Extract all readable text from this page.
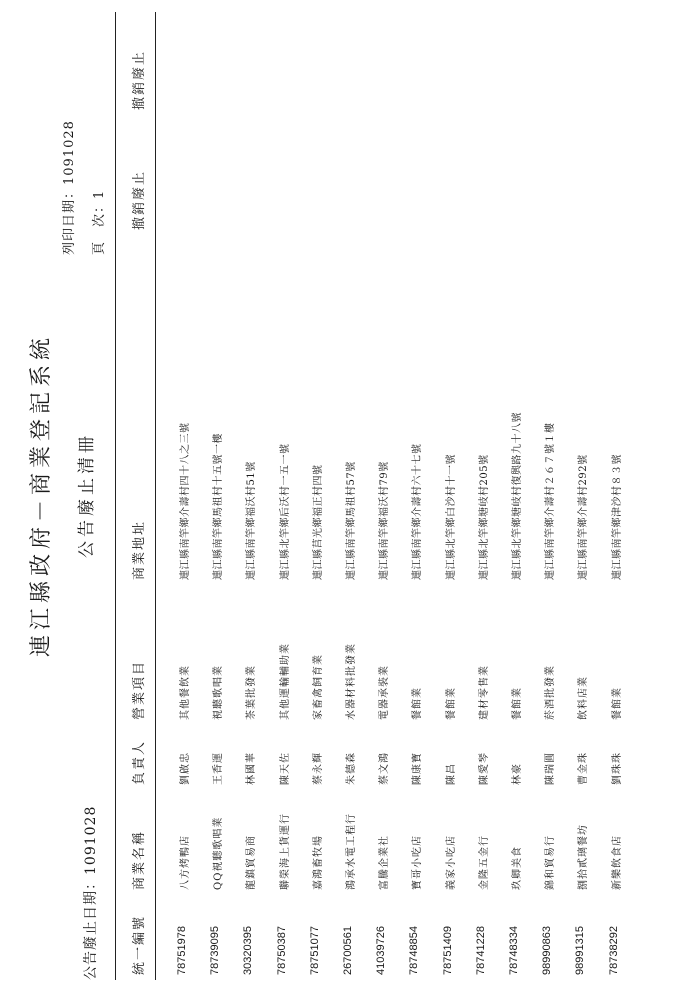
連江縣政府－商業登記系統 公告廢止清冊
列印日期：1091028	頁　次：1
公告廢止日期：1091028	統一編號
商業名稱
負責人
營業項目
商業地址
撤銷廢止
撤銷廢止
78751978
八方烤鴨店
劉啟忠
其他餐飲業
連江縣南竿鄉介壽村四十八之三號
78739095
QQ視聽歌唱業
王香運
視聽歌唱業
連江縣南竿鄉馬祖村十五號一樓
30320395
龍鎮貿易商
林國華
茶葉批發業
連江縣南竿鄉福沃村51號
78750387
聯榮海上貨運行
陳天佐
其他運輸輔助業
連江縣北竿鄉后沃村一五一號
78751077
嘉鴻畜牧場
蔡永輝
家畜禽飼育業
連江縣莒光鄉福正村四號
26700561
鴻承水電工程行
朱德森
水器材料批發業
連江縣南竿鄉馬祖村57號
41039726
富騰企業社
蔡文鴻
電器承裝業
連江縣南竿鄉福沃村79號
78748854
寶哥小吃店
陳康寶
餐館業
連江縣南竿鄉介壽村六十七號
78751409
義家小吃店
陳昌
餐館業
連江縣北竿鄉白沙村十一號
78741228
金隆五金行
陳愛琴
建材零售業
連江縣北竿鄉塘岐村205號
78748334
玖卿美食
林豪
餐館業
連江縣北竿鄉塘岐村復興路九十八號
98990863
錦和貿易行
陳瑞圓
菸酒批發業
連江縣南竿鄉介壽村２６７號１樓
98991315
捌拾貳璃餐坊
曹金珠
飲料店業
連江縣南竿鄉介壽村292號
78738292
新樂飲食店
劉珠珠
餐館業
連江縣南竿鄉津沙村８３號
